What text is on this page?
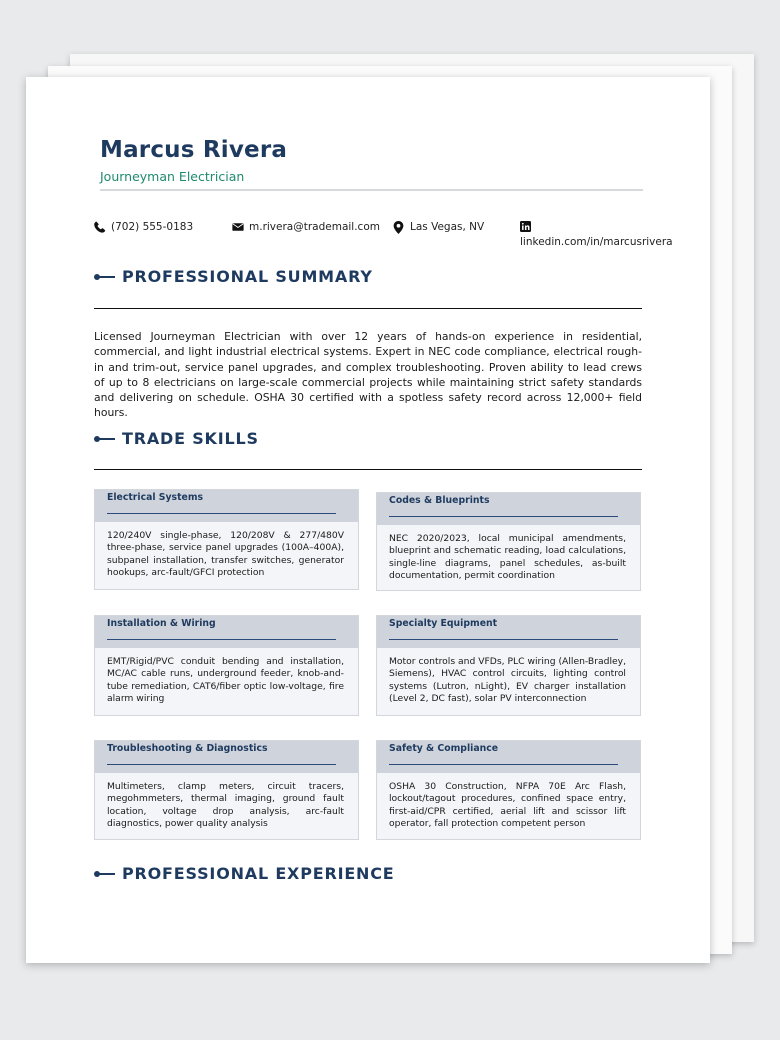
Marcus Rivera
Journeyman Electrician
(702) 555-0183	m.rivera@trademail.com	Las Vegas, NV
linkedin.com/in/marcusrivera
PROFESSIONAL SUMMARY

Licensed Journeyman Electrician with over 12 years of hands-on experience in residential, commercial, and light industrial electrical systems. Expert in NEC code compliance, electrical rough-in and trim-out, service panel upgrades, and complex troubleshooting. Proven ability to lead crews of up to 8 electricians on large-scale commercial projects while maintaining strict safety standards and delivering on schedule. OSHA 30 certified with a spotless safety record across 12,000+ field hours.

TRADE SKILLS
Electrical Systems
120/240V single-phase, 120/208V & 277/480V three-phase, service panel upgrades (100A–400A), subpanel installation, transfer switches, generator hookups, arc-fault/GFCI protection
Codes & Blueprints
NEC 2020/2023, local municipal amendments, blueprint and schematic reading, load calculations, single-line diagrams, panel schedules, as-built documentation, permit coordination
Installation & Wiring
EMT/Rigid/PVC conduit bending and installation, MC/AC cable runs, underground feeder, knob-and-tube remediation, CAT6/fiber optic low-voltage, fire alarm wiring
Specialty Equipment
Motor controls and VFDs, PLC wiring (Allen-Bradley, Siemens), HVAC control circuits, lighting control systems (Lutron, nLight), EV charger installation (Level 2, DC fast), solar PV interconnection
Troubleshooting & Diagnostics
Multimeters, clamp meters, circuit tracers, megohmmeters, thermal imaging, ground fault location, voltage drop analysis, arc-fault diagnostics, power quality analysis
Safety & Compliance
OSHA 30 Construction, NFPA 70E Arc Flash, lockout/tagout procedures, confined space entry, first-aid/CPR certified, aerial lift and scissor lift operator, fall protection competent person
PROFESSIONAL EXPERIENCE
